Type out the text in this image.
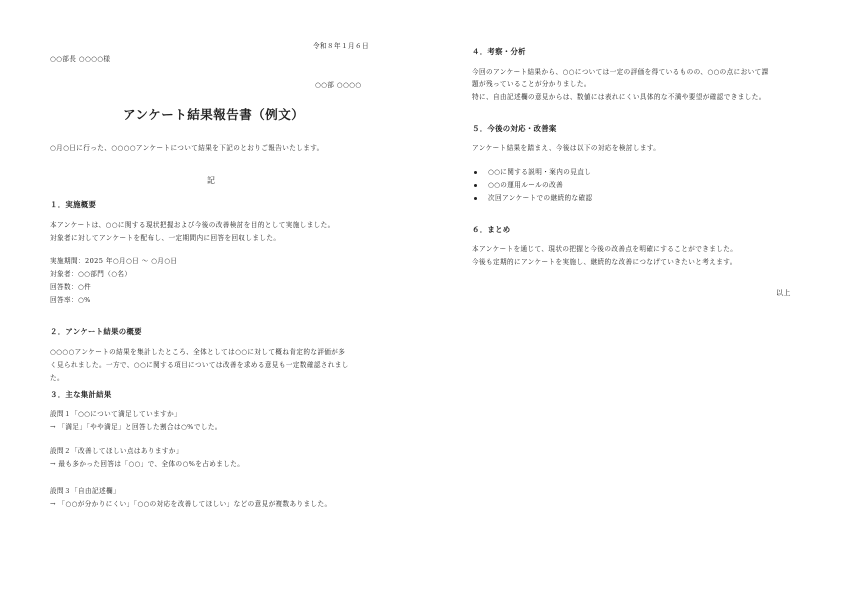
令和８年１月６日
○○部長 ○○○○様
○○部 ○○○○
アンケート結果報告書（例文）
○月○日に行った、○○○○アンケートについて結果を下記のとおりご報告いたします。
記
１．実施概要
本アンケートは、○○に関する現状把握および今後の改善検討を目的として実施しました。
対象者に対してアンケートを配布し、一定期間内に回答を回収しました。
実施期間：2025 年○月○日 ～ ○月○日
対象者：○○部門（○名）
回答数：○件
回答率：○%
２．アンケート結果の概要
○○○○アンケートの結果を集計したところ、全体としては○○に対して概ね肯定的な評価が多
く見られました。一方で、○○に関する項目については改善を求める意見も一定数確認されまし
た。
３．主な集計結果
設問１「○○について満足していますか」
→ 「満足」「やや満足」と回答した割合は○%でした。
設問２「改善してほしい点はありますか」
→ 最も多かった回答は「○○」で、全体の○%を占めました。
設問３「自由記述欄」
→ 「○○が分かりにくい」「○○の対応を改善してほしい」などの意見が複数ありました。
４．考察・分析
今回のアンケート結果から、○○については一定の評価を得ているものの、○○の点において課
題が残っていることが分かりました。
特に、自由記述欄の意見からは、数値には表れにくい具体的な不満や要望が確認できました。
５．今後の対応・改善案
アンケート結果を踏まえ、今後は以下の対応を検討します。
○○に関する説明・案内の見直し
○○の運用ルールの改善
次回アンケートでの継続的な確認
６．まとめ
本アンケートを通じて、現状の把握と今後の改善点を明確にすることができました。
今後も定期的にアンケートを実施し、継続的な改善につなげていきたいと考えます。
以上
